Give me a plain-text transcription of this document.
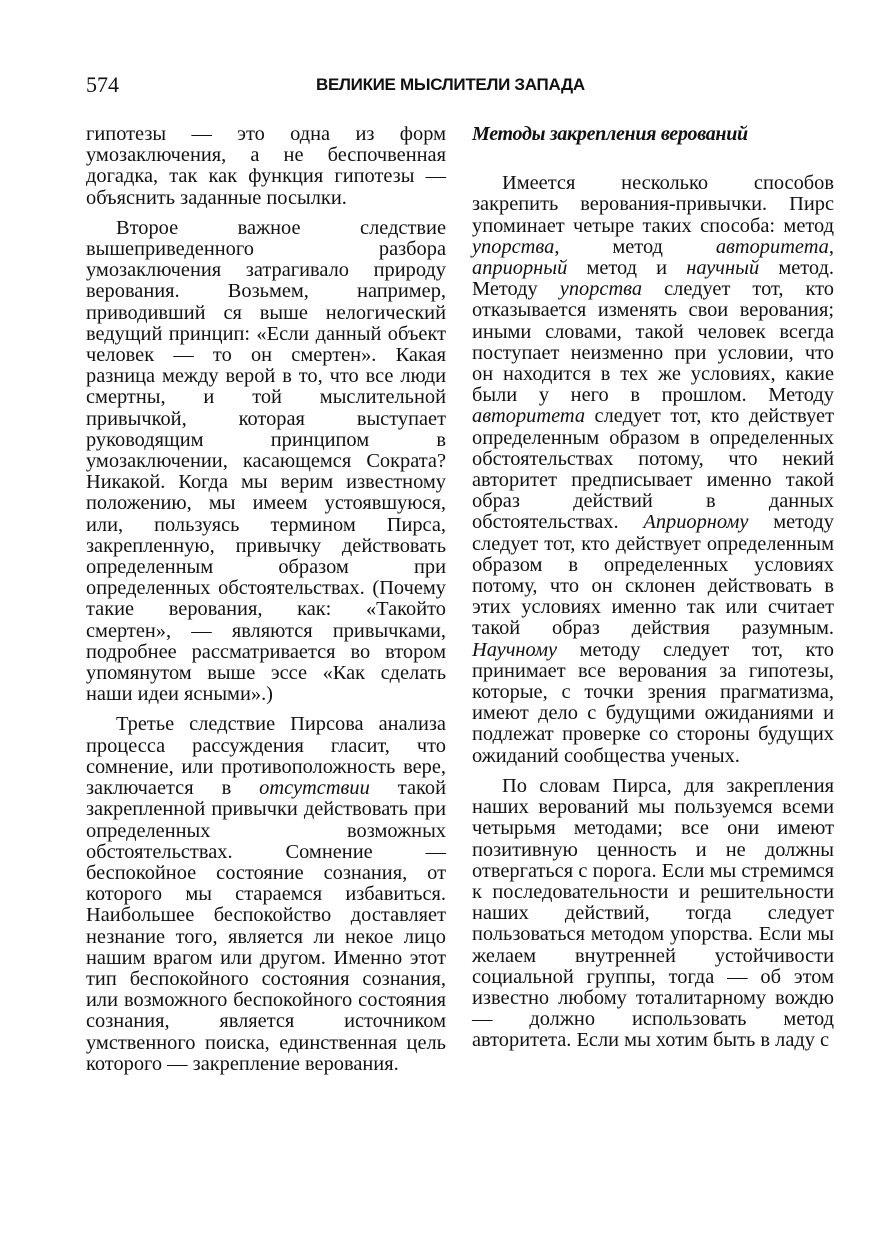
574	ВЕЛИКИЕ МЫСЛИТЕЛИ ЗАПАДА

гипотезы — это одна из форм умозаключения, а не беспочвенная догадка, так как функция гипотезы — объяснить заданные посылки.

Второе важное следствие вышеприведенного разбора умозаключения затрагивало природу верования. Возьмем, например, приводивший ся выше нелогический ведущий принцип: «Если данный объект человек — то он смертен». Какая разница между верой в то, что все люди смертны, и той мыслительной привычкой, которая выступает руководящим принципом в умозаключении, касающемся Сократа? Никакой. Когда мы верим известному положению, мы имеем устоявшуюся, или, пользуясь термином Пирса, закрепленную, привычку действовать определенным образом при определенных обстоятельствах. (Почему такие верования, как: «Такойто смертен», — являются привычками, подробнее рассматривается во втором упомянутом выше эссе «Как сделать наши идеи ясными».)

Третье следствие Пирсова анализа процесса рассуждения гласит, что сомнение, или противоположность вере, заключается в отсутствии такой закрепленной привычки действовать при определенных возможных обстоятельствах. Сомнение — беспокойное состояние сознания, от которого мы стараемся избавиться. Наибольшее беспокойство доставляет незнание того, является ли некое лицо нашим врагом или другом. Именно этот тип беспокойного состояния сознания, или возможного беспокойного состояния сознания, является источником умственного поиска, единственная цель которого — закрепление верования.

Методы закрепления верований

Имеется несколько способов закрепить верования-привычки. Пирс упоминает четыре таких способа: метод упорства, метод авторитета, априорный метод и научный метод. Методу упорства следует тот, кто отказывается изменять свои верования; иными словами, такой человек всегда поступает неизменно при условии, что он находится в тех же условиях, какие были у него в прошлом. Методу авторитета следует тот, кто действует определенным образом в определенных обстоятельствах потому, что некий авторитет предписывает именно такой образ действий в данных обстоятельствах. Априорному методу следует тот, кто действует определенным образом в определенных условиях потому, что он склонен действовать в этих условиях именно так или считает такой образ действия разумным. Научному методу следует тот, кто принимает все верования за гипотезы, которые, с точки зрения прагматизма, имеют дело с будущими ожиданиями и подлежат проверке со стороны будущих ожиданий сообщества ученых.

По словам Пирса, для закрепления наших верований мы пользуемся всеми четырьмя методами; все они имеют позитивную ценность и не должны отвергаться с порога. Если мы стремимся к последовательности и решительности наших действий, тогда следует пользоваться методом упорства. Если мы желаем внутренней устойчивости социальной группы, тогда — об этом известно любому тоталитарному вождю — должно использовать метод авторитета. Если мы хотим быть в ладу с
